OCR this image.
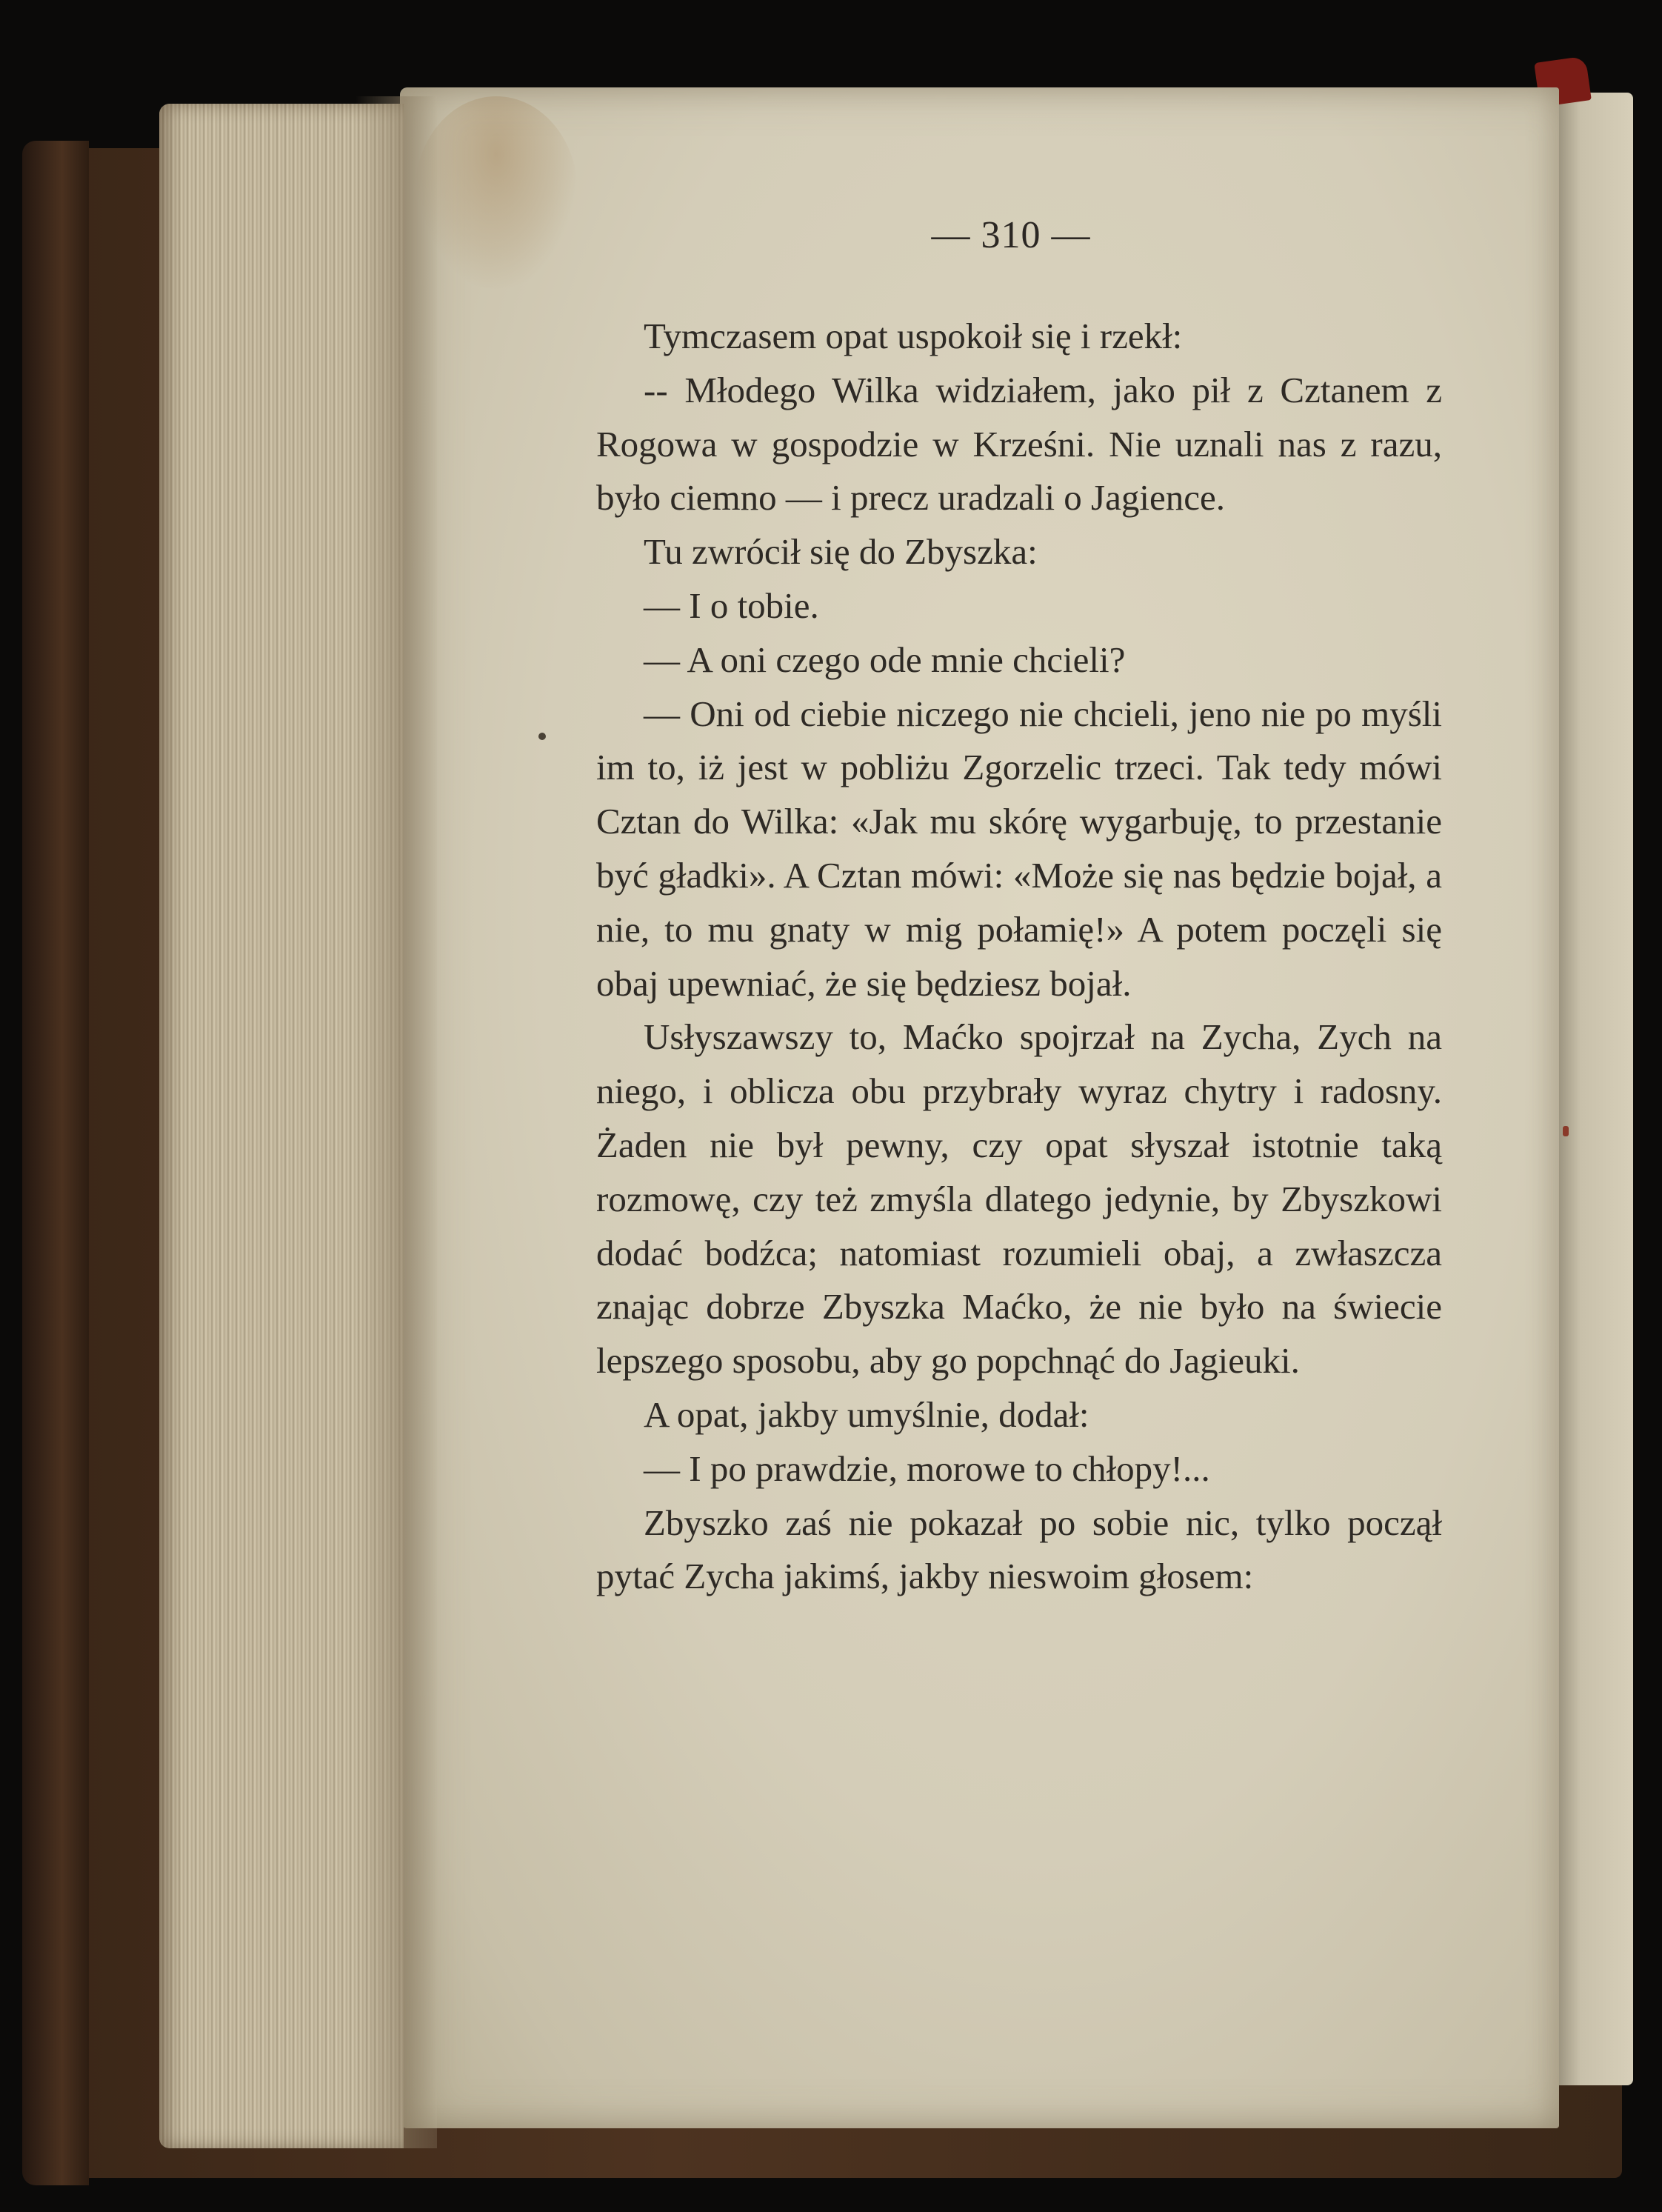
— 310 —

Tymczasem opat uspokoił się i rzekł:

-- Młodego Wilka widziałem, jako pił z Cztanem z Rogowa w gospodzie w Krześni. Nie uznali nas z razu, było ciemno — i precz uradzali o Jagience.

Tu zwrócił się do Zbyszka:

— I o tobie.

— A oni czego ode mnie chcieli?

— Oni od ciebie niczego nie chcieli, jeno nie po myśli im to, iż jest w pobliżu Zgorzelic trzeci. Tak tedy mówi Cztan do Wilka: «Jak mu skórę wygarbuję, to przestanie być gładki». A Cztan mówi: «Może się nas będzie bojał, a nie, to mu gnaty w mig połamię!» A potem poczęli się obaj upewniać, że się będziesz bojał.

Usłyszawszy to, Maćko spojrzał na Zycha, Zych na niego, i oblicza obu przybrały wyraz chytry i radosny. Żaden nie był pewny, czy opat słyszał istotnie taką rozmowę, czy też zmyśla dlatego jedynie, by Zbyszkowi dodać bodźca; natomiast rozumieli obaj, a zwłaszcza znając dobrze Zbyszka Maćko, że nie było na świecie lepszego sposobu, aby go popchnąć do Jagieuki.

A opat, jakby umyślnie, dodał:

— I po prawdzie, morowe to chłopy!...

Zbyszko zaś nie pokazał po sobie nic, tylko począł pytać Zycha jakimś, jakby nieswoim głosem:
